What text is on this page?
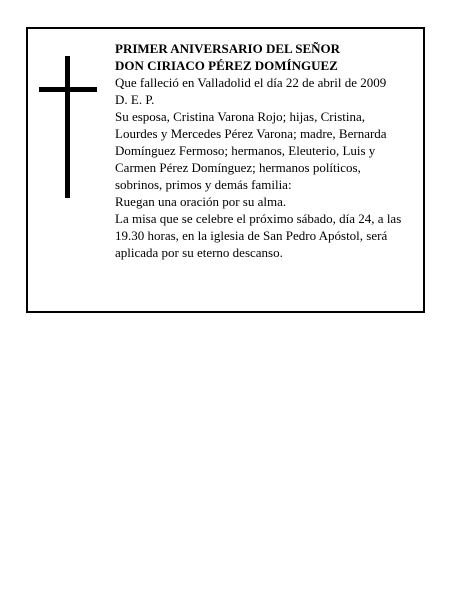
PRIMER ANIVERSARIO DEL SEÑOR
DON CIRIACO PÉREZ DOMÍNGUEZ
Que falleció en Valladolid el día 22 de abril de 2009
D. E. P.
Su esposa, Cristina Varona Rojo; hijas, Cristina,
Lourdes y Mercedes Pérez Varona; madre, Bernarda
Domínguez Fermoso; hermanos, Eleuterio, Luis y
Carmen Pérez Domínguez; hermanos políticos,
sobrinos, primos y demás familia:
Ruegan una oración por su alma.
La misa que se celebre el próximo sábado, día 24, a las
19.30 horas, en la iglesia de San Pedro Apóstol, será
aplicada por su eterno descanso.
